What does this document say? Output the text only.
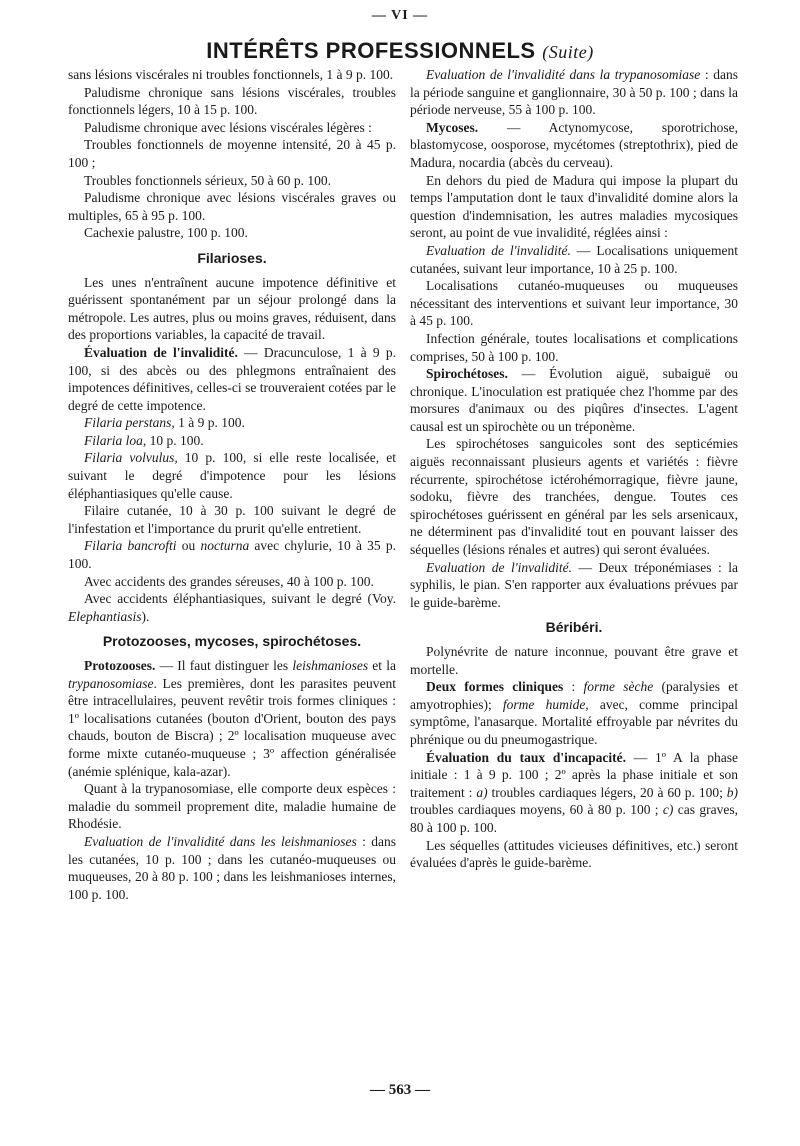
— VI —
INTÉRÊTS PROFESSIONNELS (Suite)

sans lésions viscérales ni troubles fonctionnels, 1 à 9 p. 100.

Paludisme chronique sans lésions viscérales, troubles fonctionnels légers, 10 à 15 p. 100.

Paludisme chronique avec lésions viscérales légères :

Troubles fonctionnels de moyenne intensité, 20 à 45 p. 100 ;

Troubles fonctionnels sérieux, 50 à 60 p. 100.

Paludisme chronique avec lésions viscérales graves ou multiples, 65 à 95 p. 100.

Cachexie palustre, 100 p. 100.

Filarioses.

Les unes n'entraînent aucune impotence définitive et guérissent spontanément par un séjour prolongé dans la métropole. Les autres, plus ou moins graves, réduisent, dans des proportions variables, la capacité de travail.

Évaluation de l'invalidité. — Dracunculose, 1 à 9 p. 100, si des abcès ou des phlegmons entraînaient des impotences définitives, celles-ci se trouveraient cotées par le degré de cette impotence.

Filaria perstans, 1 à 9 p. 100.

Filaria loa, 10 p. 100.

Filaria volvulus, 10 p. 100, si elle reste localisée, et suivant le degré d'impotence pour les lésions éléphantiasiques qu'elle cause.

Filaire cutanée, 10 à 30 p. 100 suivant le degré de l'infestation et l'importance du prurit qu'elle entretient.

Filaria bancrofti ou nocturna avec chylurie, 10 à 35 p. 100.

Avec accidents des grandes séreuses, 40 à 100 p. 100.

Avec accidents éléphantiasiques, suivant le degré (Voy. Elephantiasis).

Protozooses, mycoses, spirochétoses.

Protozooses. — Il faut distinguer les leishmanioses et la trypanosomiase. Les premières, dont les parasites peuvent être intracellulaires, peuvent revêtir trois formes cliniques : 1º localisations cutanées (bouton d'Orient, bouton des pays chauds, bouton de Biscra) ; 2º localisation muqueuse avec forme mixte cutanéo-muqueuse ; 3º affection généralisée (anémie splénique, kala-azar).

Quant à la trypanosomiase, elle comporte deux espèces : maladie du sommeil proprement dite, maladie humaine de Rhodésie.

Evaluation de l'invalidité dans les leishmanioses : dans les cutanées, 10 p. 100 ; dans les cutanéo-muqueuses ou muqueuses, 20 à 80 p. 100 ; dans les leishmanioses internes, 100 p. 100.

Evaluation de l'invalidité dans la trypanosomiase : dans la période sanguine et ganglionnaire, 30 à 50 p. 100 ; dans la période nerveuse, 55 à 100 p. 100.

Mycoses. — Actynomycose, sporotrichose, blastomycose, oosporose, mycétomes (streptothrix), pied de Madura, nocardia (abcès du cerveau).

En dehors du pied de Madura qui impose la plupart du temps l'amputation dont le taux d'invalidité domine alors la question d'indemnisation, les autres maladies mycosiques seront, au point de vue invalidité, réglées ainsi :

Evaluation de l'invalidité. — Localisations uniquement cutanées, suivant leur importance, 10 à 25 p. 100.

Localisations cutanéo-muqueuses ou muqueuses nécessitant des interventions et suivant leur importance, 30 à 45 p. 100.

Infection générale, toutes localisations et complications comprises, 50 à 100 p. 100.

Spirochétoses. — Évolution aiguë, subaiguë ou chronique. L'inoculation est pratiquée chez l'homme par des morsures d'animaux ou des piqûres d'insectes. L'agent causal est un spirochète ou un tréponème.

Les spirochétoses sanguicoles sont des septicémies aiguës reconnaissant plusieurs agents et variétés : fièvre récurrente, spirochétose ictérohémorragique, fièvre jaune, sodoku, fièvre des tranchées, dengue. Toutes ces spirochétoses guérissent en général par les sels arsenicaux, ne déterminent pas d'invalidité tout en pouvant laisser des séquelles (lésions rénales et autres) qui seront évaluées.

Evaluation de l'invalidité. — Deux tréponémiases : la syphilis, le pian. S'en rapporter aux évaluations prévues par le guide-barème.

Béribéri.

Polynévrite de nature inconnue, pouvant être grave et mortelle.

Deux formes cliniques : forme sèche (paralysies et amyotrophies); forme humide, avec, comme principal symptôme, l'anasarque. Mortalité effroyable par névrites du phrénique ou du pneumogastrique.

Évaluation du taux d'incapacité. — 1º A la phase initiale : 1 à 9 p. 100 ; 2º après la phase initiale et son traitement : a) troubles cardiaques légers, 20 à 60 p. 100; b) troubles cardiaques moyens, 60 à 80 p. 100 ; c) cas graves, 80 à 100 p. 100.

Les séquelles (attitudes vicieuses définitives, etc.) seront évaluées d'après le guide-barème.

— 563 —
